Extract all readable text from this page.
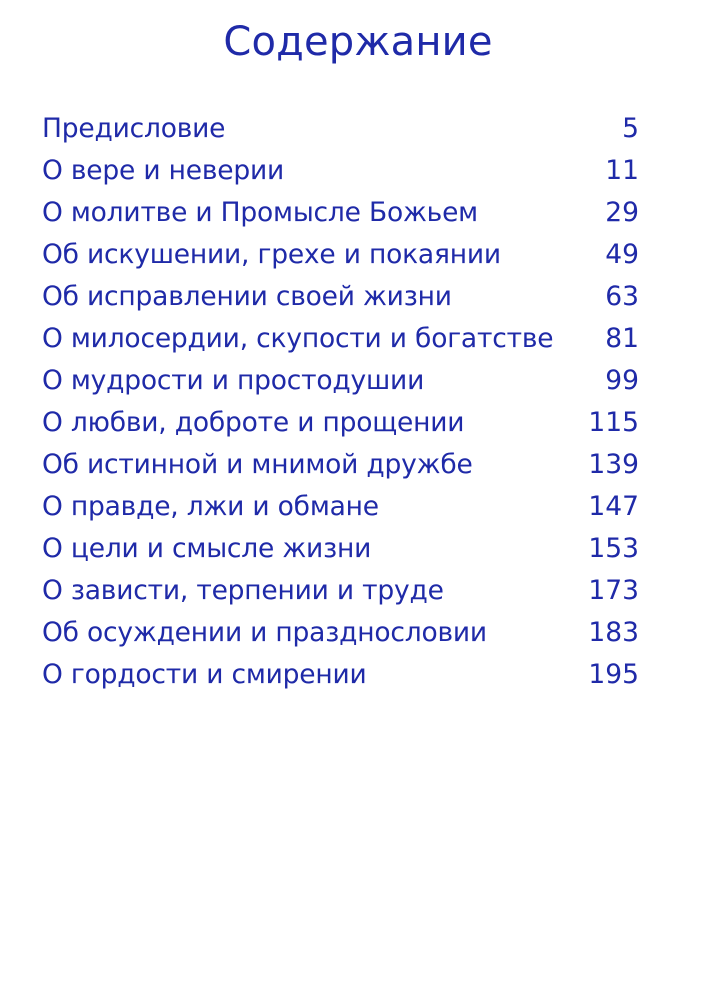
Содержание
Предисловие	5
О вере и неверии	11
О молитве и Промысле Божьем	29
Об искушении, грехе и покаянии	49
Об исправлении своей жизни	63
О милосердии, скупости и богатстве	81
О мудрости и простодушии	99
О любви, доброте и прощении	115
Об истинной и мнимой дружбе	139
О правде, лжи и обмане	147
О цели и смысле жизни	153
О зависти, терпении и труде	173
Об осуждении и празднословии	183
О гордости и смирении	195
